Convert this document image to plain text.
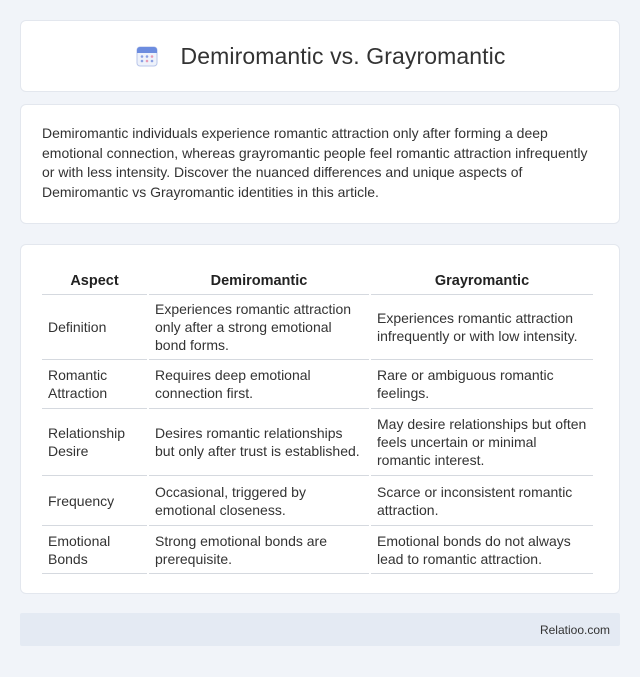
Demiromantic vs. Grayromantic

Demiromantic individuals experience romantic attraction only after forming a deep emotional connection, whereas grayromantic people feel romantic attraction infrequently or with less intensity. Discover the nuanced differences and unique aspects of Demiromantic vs Grayromantic identities in this article.

Aspect	Demiromantic	Grayromantic
Definition	Experiences romantic attraction only after a strong emotional bond forms.	Experiences romantic attraction infrequently or with low intensity.
Romantic Attraction	Requires deep emotional connection first.	Rare or ambiguous romantic feelings.
Relationship Desire	Desires romantic relationships but only after trust is established.	May desire relationships but often feels uncertain or minimal romantic interest.
Frequency	Occasional, triggered by emotional closeness.	Scarce or inconsistent romantic attraction.
Emotional Bonds	Strong emotional bonds are prerequisite.	Emotional bonds do not always lead to romantic attraction.
Relatioo.com
